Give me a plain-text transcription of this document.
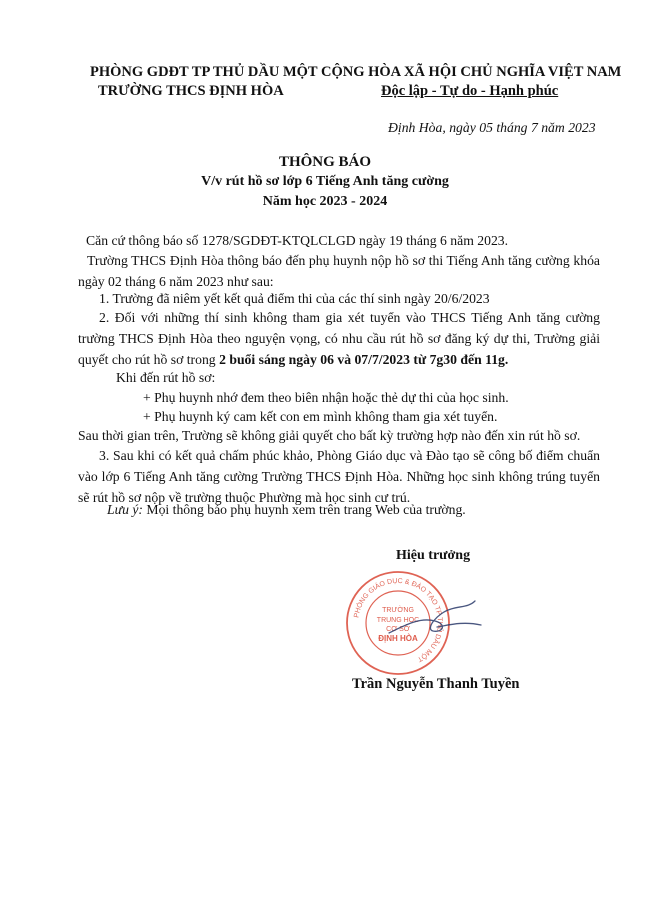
PHÒNG GDĐT TP THỦ DẦU MỘT
TRƯỜNG THCS ĐỊNH HÒA
CỘNG HÒA XÃ HỘI CHỦ NGHĨA VIỆT NAM
Độc lập - Tự do - Hạnh phúc
Định Hòa, ngày 05 tháng 7 năm 2023
THÔNG BÁO
V/v rút hồ sơ lớp 6 Tiếng Anh tăng cường
Năm học 2023 - 2024
Căn cứ thông báo số 1278/SGDĐT-KTQLCLGD ngày 19 tháng 6 năm 2023.
Trường THCS Định Hòa thông báo đến phụ huynh nộp hồ sơ thi Tiếng Anh tăng cường khóa ngày 02 tháng 6 năm 2023 như sau:
1. Trường đã niêm yết kết quả điểm thi của các thí sinh ngày 20/6/2023
2. Đối với những thí sinh không tham gia xét tuyển vào THCS Tiếng Anh tăng cường trường THCS Định Hòa theo nguyện vọng, có nhu cầu rút hồ sơ đăng ký dự thi, Trường giải quyết cho rút hồ sơ trong 2 buổi sáng ngày 06 và 07/7/2023 từ 7g30 đến 11g.
Khi đến rút hồ sơ:
+ Phụ huynh nhớ đem theo biên nhận hoặc thẻ dự thi của học sinh.
+ Phụ huynh ký cam kết con em mình không tham gia xét tuyển.
Sau thời gian trên, Trường sẽ không giải quyết cho bất kỳ trường hợp nào đến xin rút hồ sơ.
3. Sau khi có kết quả chấm phúc khảo, Phòng Giáo dục và Đào tạo sẽ công bố điểm chuẩn vào lớp 6 Tiếng Anh tăng cường Trường THCS Định Hòa. Những học sinh không trúng tuyển sẽ rút hồ sơ nộp về trường thuộc Phường mà học sinh cư trú.
Lưu ý: Mọi thông báo phụ huynh xem trên trang Web của trường.
Hiệu trưởng
PHÒNG GIÁO DỤC & ĐÀO TẠO TP THỦ DẦU MỘT
TRƯỜNG
TRUNG HỌC
CƠ SỞ
ĐỊNH HÒA
Trần Nguyễn Thanh Tuyền
